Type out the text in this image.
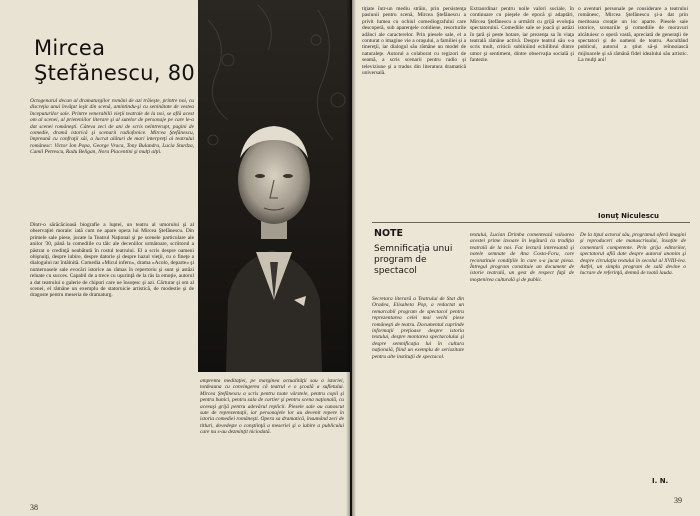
Mircea
Ştefănescu, 80
Octogenarul decan al dramaturgilor români de azi trăieşte, printre noi, cu discreţia unui învăţat ieşit din scenă, amintindu-şi cu seninătate de vestea începuturilor sale. Printre venerabilii vieţii teatrale de la noi, se află acest om al scenei, al prieteniilor literare şi al sutelor de personaje pe care le-a dat scenei româneşti. Câteva zeci de ani de scris neîntrerupt, pagini de comedie, dramă istorică şi scenarii radiofonice. Mircea Ştefănescu, împreună cu confraţii săi, a lucrat alături de mari interpreţi ai teatrului românesc: Victor Ion Popa, George Vraca, Tony Bulandra, Lucia Sturdza, Camil Petrescu, Radu Beligan, Nora Piacentini şi mulţi alţii.
Dintr-o sărăcăcioasă biografie a luptei, un teatru al umorului şi al observaţiei morale: iată cum ne apare opera lui Mircea Ştefănescu. Din primele sale piese, jucate la Teatrul Naţional şi pe scenele particulare ale anilor '30, până la comediile cu tâlc ale deceniilor următoare, scriitorul a păstrat o credinţă neabătută în rostul teatrului. El a scris despre oameni obişnuiţi, despre iubire, despre datorie şi despre hazul vieţii, cu o fineţe a dialogului rar întâlnită. Comedia «Micul infern», drama «Acolo, departe» şi numeroasele sale evocări istorice au rămas în repertoriu şi sunt şi astăzi reluate cu succes. Capabil de a trece cu uşurinţă de la râs la emoţie, autorul a dat teatrului o galerie de chipuri care ne însoţesc şi azi. Cărturar şi om al scenei, el rămâne un exemplu de statornicie artistică, de modestie şi de dragoste pentru meseria de dramaturg.
amprenta meditaţiei, pe marginea actualităţii sau a istoriei, totdeauna cu convingerea că teatrul e o şcoală a sufletului. Mircea Ştefănescu a scris pentru toate vârstele, pentru copii şi pentru bunici, pentru sala de cartier şi pentru scena naţională, cu aceeaşi grijă pentru adevărul replicii. Piesele sale au cunoscut sute de reprezentaţii, iar personajele lor au devenit repere în istoria comediei româneşti. Opera sa dramatică, însumând zeci de titluri, dovedeşte o conştiinţă a meseriei şi o iubire a publicului care nu s-au dezminţit niciodată.
38
tiţiate într-un mediu străin, prin persistenţa pasiunii pentru scenă, Mircea Ştefănescu a privit lumea cu ochiul comediografului care descoperă, sub aparenţele cotidiene, resorturile adânci ale caracterelor. Prin piesele sale, el a conturat o imagine vie a oraşului, a familiei şi a tinereţii, iar dialogul său rămâne un model de naturaleţe. Autorul a colaborat cu regizori de seamă, a scris scenarii pentru radio şi televiziune şi a tradus din literatura dramatică universală.
Extraordinar pentru noile valori sociale, în continuare cu pieşele de epocă şi adaptări, Mircea Ştefănescu a urmărit cu grijă evoluţia spectatorului. Comediile sale se joacă şi astăzi în ţară şi peste hotare, iar prezenţa sa în viaţa teatrală rămâne activă. Despre teatrul său s-a scris mult, criticii subliniind echilibrul dintre umor şi sentiment, dintre observaţia socială şi fantezie.
o aventuri personale pe considerare a teatrului românesc, Mircea Ştefănescu şi-a dat prin meritoasa creaţie un loc aparte. Piesele sale istorice, scenariile şi comediile de moravuri alcătuiesc o operă vastă, apreciată de generaţii de spectatori şi de oameni de teatru. Ascultând publicul, autorul a ştiut să-şi reînnoiască mijloacele şi să rămână fidel idealului său artistic. La mulţi ani!
Ionuţ Niculescu
NOTE
Semnificaţia unui program de spectacol
Secretara literară a Teatrului de Stat din Oradea, Elisabeta Pop, a redactat un remarcabil program de spectacol pentru reprezentarea celei mai vechi piese româneşti de teatru. Documentul cuprinde informaţii preţioase despre istoria textului, despre montarea spectacolului şi despre semnificaţia lui în cultura naţională, fiind un exemplu de seriozitate pentru alte instituţii de spectacol.
textului, Lucian Drimba comentează valoarea acestei prime izvoare în legătură cu tradiţia teatrală de la noi. Fac lectură interesantă şi notele semnate de Ana Costa-Foru, care reconstituie condiţiile în care s-a jucat piesa. Întregul program constituie un document de istorie teatrală, un gest de respect faţă de moştenirea culturală şi de public.
De la tipul actorul său, programul oferă imagini şi reproduceri ale manuscrisului, însoţite de comentarii competente. Prin grija editorilor, spectatorul află date despre autorul anonim şi despre circulaţia textului în secolul al XVIII-lea. Astfel, un simplu program de sală devine o lucrare de referinţă, demnă de toată lauda.
I. N.
39
